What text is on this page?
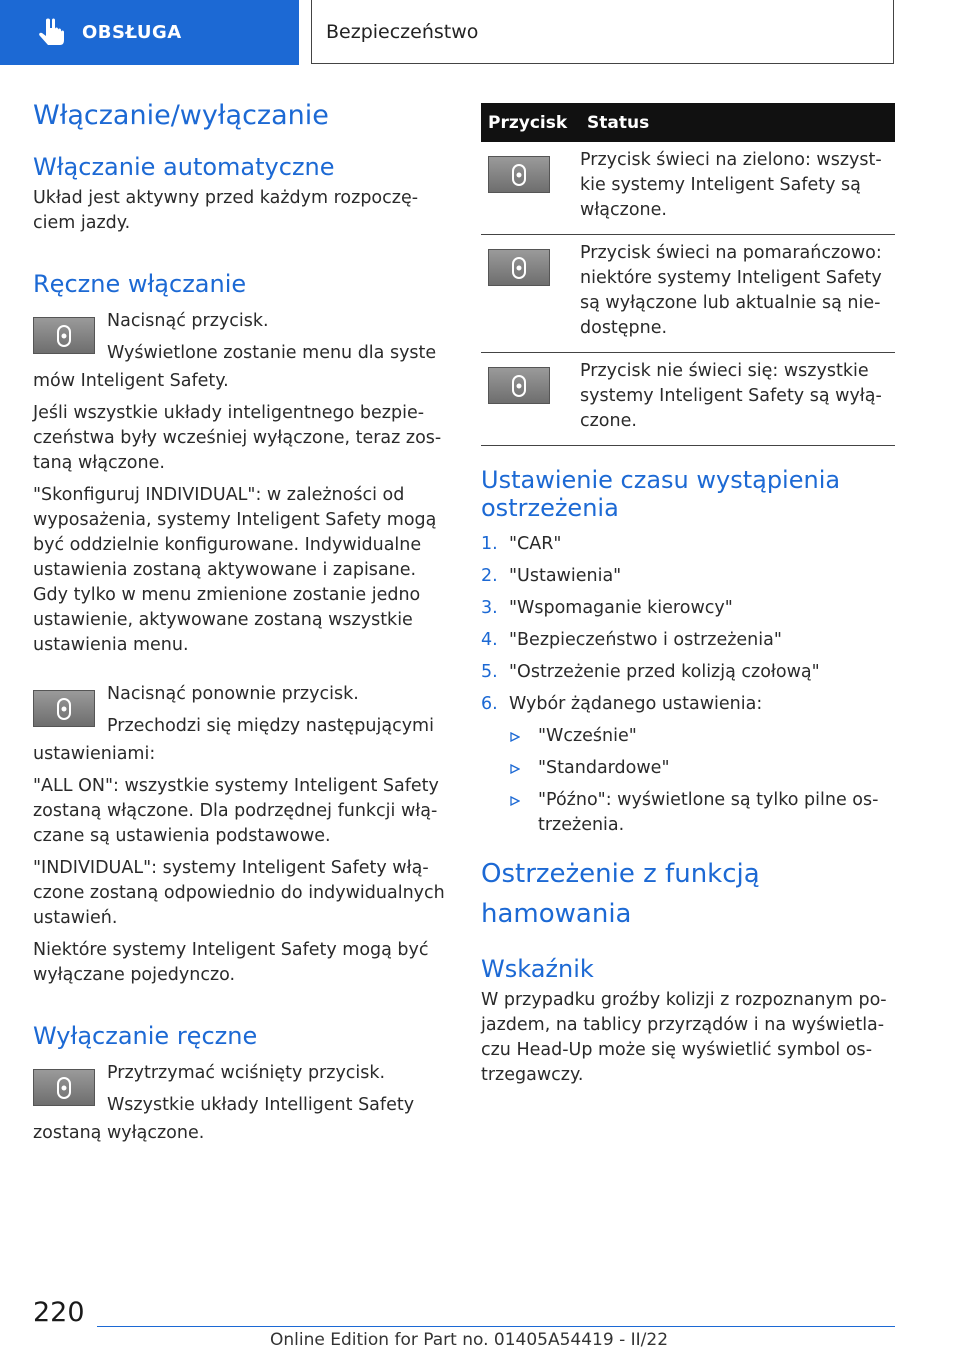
OBSŁUGA	Bezpieczeństwo
Włączanie/wyłączanie
Włączanie automatyczne

Układ jest aktywny przed każdym rozpoczęciem jazdy.

Ręczne włączanie

Nacisnąć przycisk.

Wyświetlone zostanie menu dla syste

mów Inteligent Safety.

Jeśli wszystkie układy inteligentnego bezpieczeństwa były wcześniej wyłączone, teraz zostaną włączone.

"Skonfiguruj INDIVIDUAL": w zależności od wyposażenia, systemy Inteligent Safety mogą być oddzielnie konfigurowane. Indywidualne ustawienia zostaną aktywowane i zapisane. Gdy tylko w menu zmienione zostanie jedno ustawienie, aktywowane zostaną wszystkie ustawienia menu.

Nacisnąć ponownie przycisk.

Przechodzi się między następującymi

ustawieniami:

"ALL ON": wszystkie systemy Inteligent Safety zostaną włączone. Dla podrzędnej funkcji włączane są ustawienia podstawowe.

"INDIVIDUAL": systemy Inteligent Safety włączone zostaną odpowiednio do indywidualnych ustawień.

Niektóre systemy Inteligent Safety mogą być wyłączane pojedynczo.

Wyłączanie ręczne

Przytrzymać wciśnięty przycisk.

Wszystkie układy Intelligent Safety

zostaną wyłączone.

Przycisk	Status

Przycisk świeci na zielono: wszystkie systemy Inteligent Safety są włączone.

Przycisk świeci na pomarańczowo: niektóre systemy Inteligent Safety są wyłączone lub aktualnie są niedostępne.

Przycisk nie świeci się: wszystkie systemy Inteligent Safety są wyłączone.

Ustawienie czasu wystąpienia ostrzeżenia
1. "CAR"
2. "Ustawienia"
3. "Wspomaganie kierowcy"
4. "Bezpieczeństwo i ostrzeżenia"
5. "Ostrzeżenie przed kolizją czołową"
6. Wybór żądanego ustawienia:
"Wcześnie"
"Standardowe"
"Późno": wyświetlone są tylko pilne ostrzeżenia.
Ostrzeżenie z funkcją hamowania
Wskaźnik

W przypadku groźby kolizji z rozpoznanym pojazdem, na tablicy przyrządów i na wyświetlaczu Head-Up może się wyświetlić symbol ostrzegawczy.

220
Online Edition for Part no. 01405A54419 - II/22
